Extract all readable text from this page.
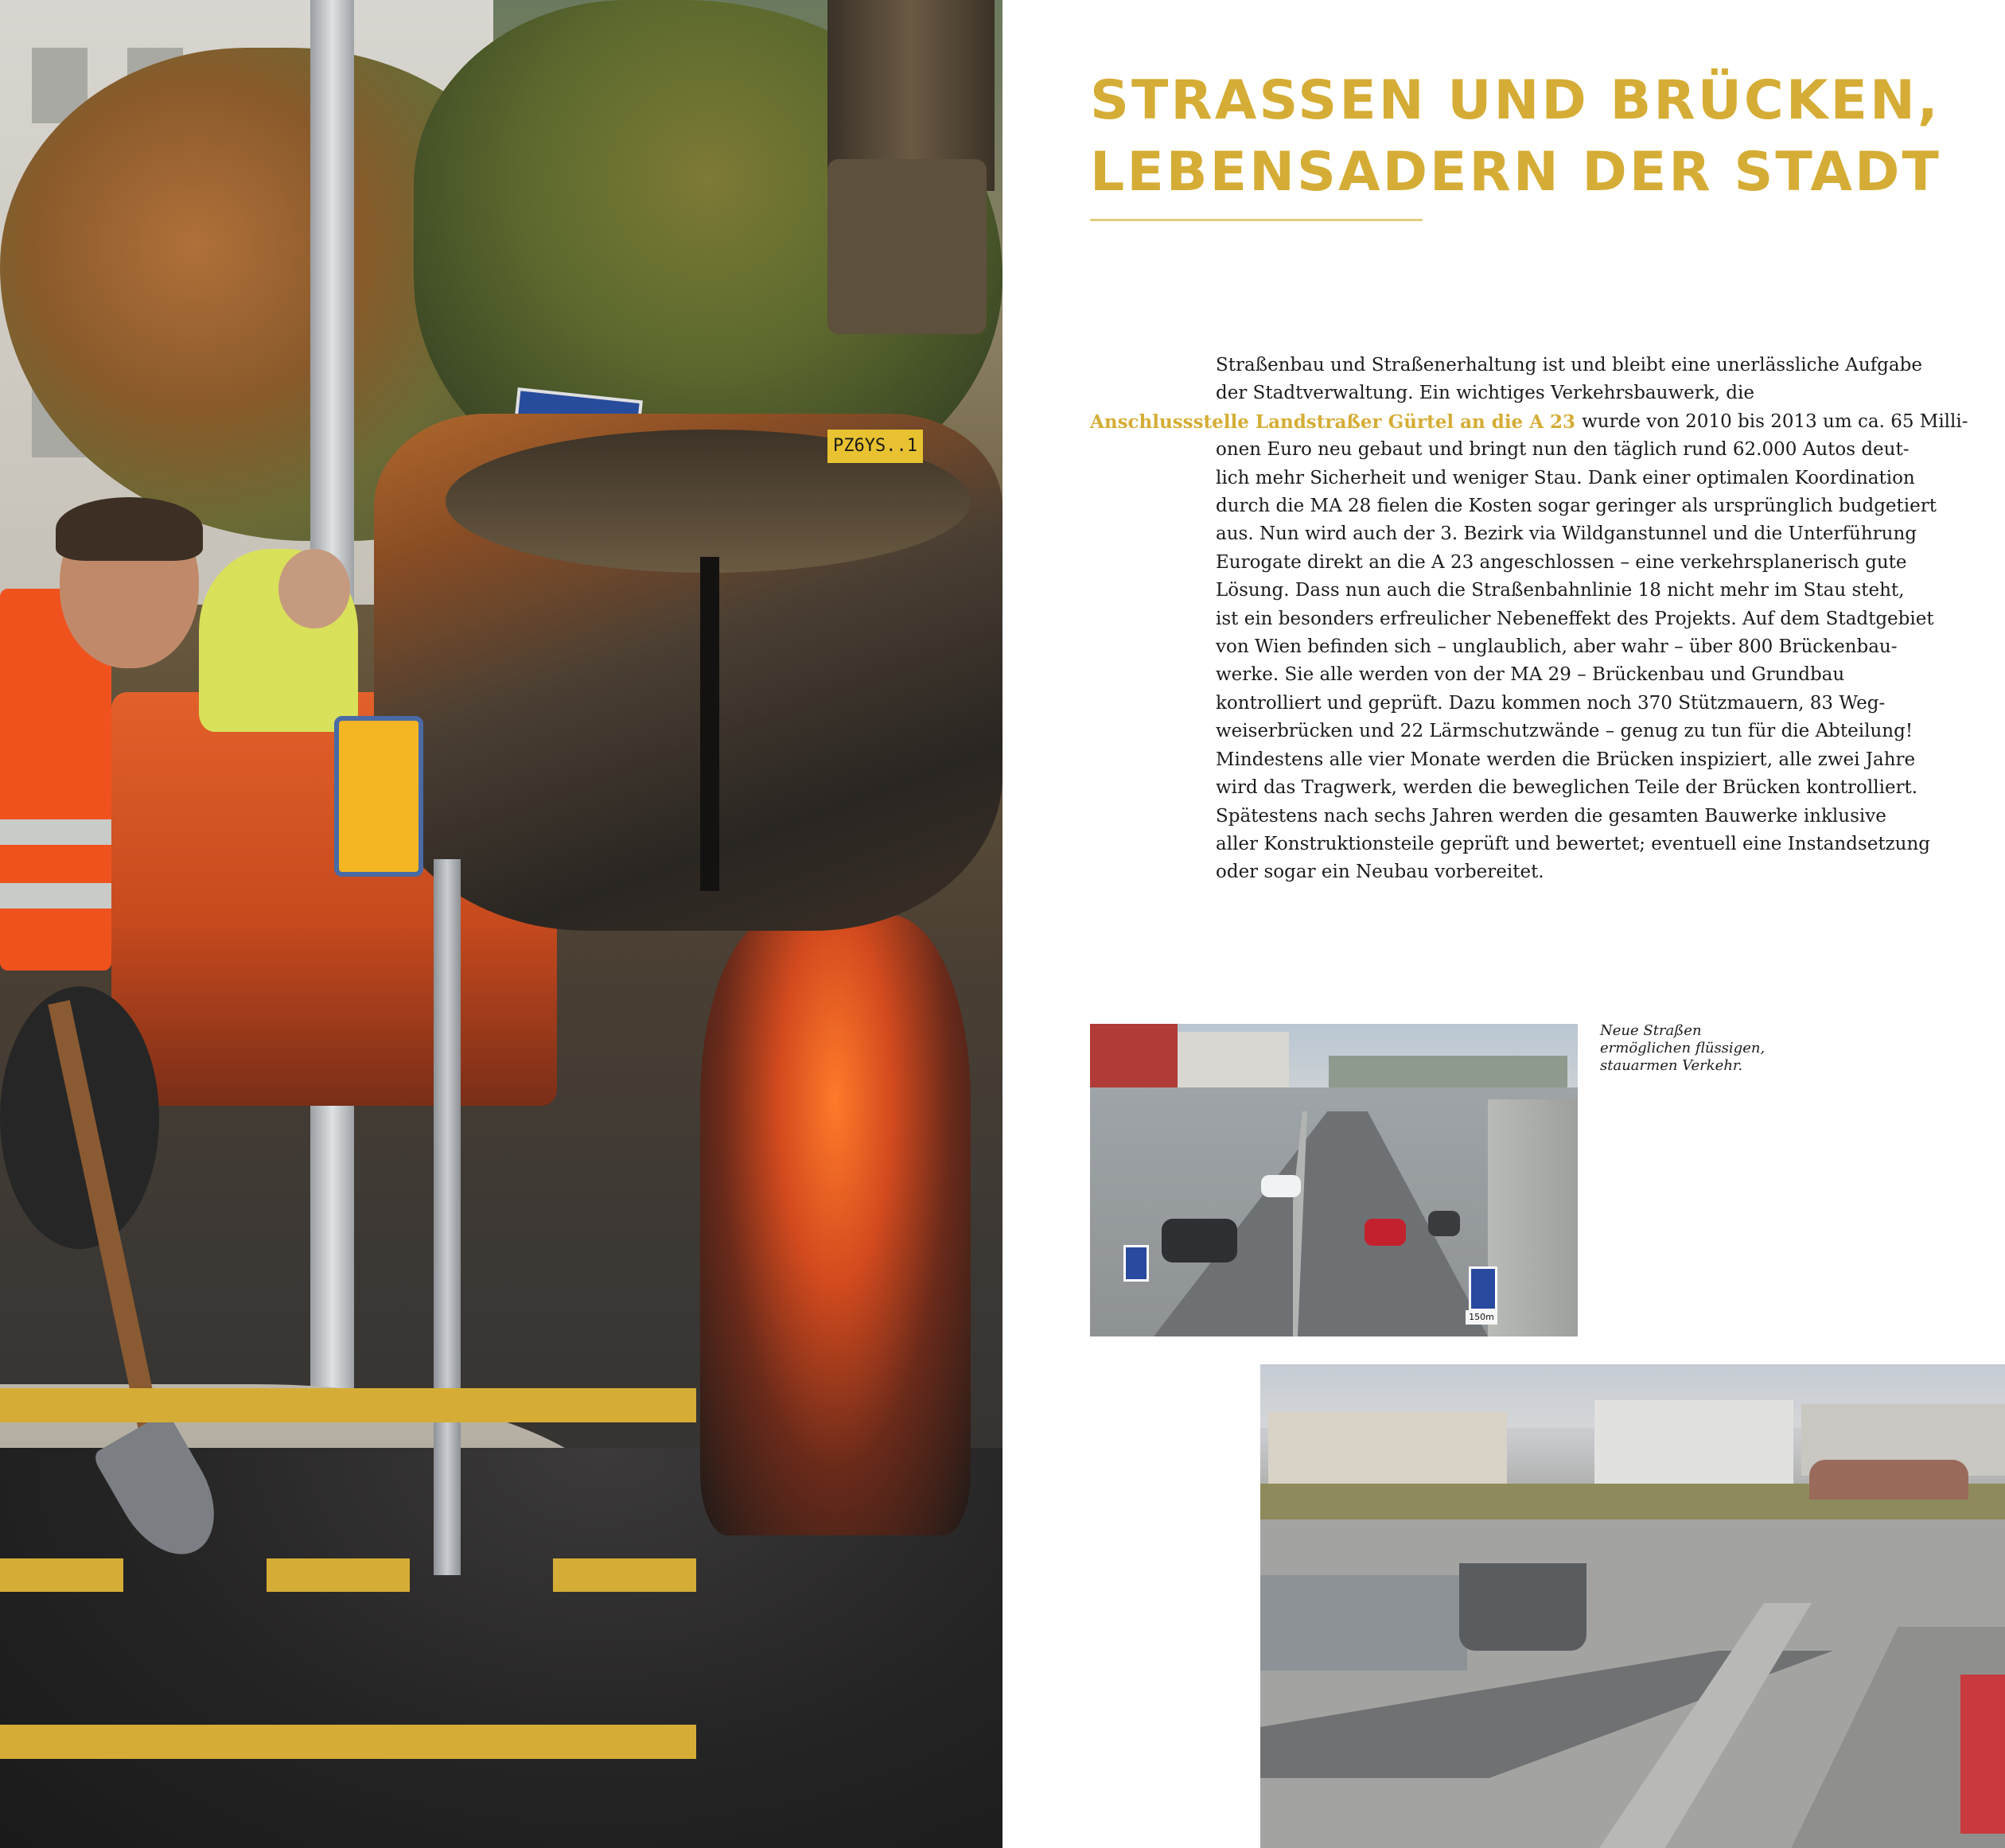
PZ6YS..1
STRASSEN UND BRÜCKEN,
LEBENSADERN DER STADT

Straßenbau und Straßenerhaltung ist und bleibt eine unerlässliche Aufgabe
der Stadtverwaltung. Ein wichtiges Verkehrsbauwerk, die
wurde von 2010 bis 2013 um ca. 65 Milli-
onen Euro neu gebaut und bringt nun den täglich rund 62.000 Autos deut-
lich mehr Sicherheit und weniger Stau. Dank einer optimalen Koordination
durch die MA 28 fielen die Kosten sogar geringer als ursprünglich budgetiert
aus. Nun wird auch der 3. Bezirk via Wildganstunnel und die Unterführung
Eurogate direkt an die A 23 angeschlossen – eine verkehrsplanerisch gute
Lösung. Dass nun auch die Straßenbahnlinie 18 nicht mehr im Stau steht,
ist ein besonders erfreulicher Nebeneffekt des Projekts. Auf dem Stadtgebiet
von Wien befinden sich – unglaublich, aber wahr – über 800 Brückenbau-
werke. Sie alle werden von der MA 29 – Brückenbau und Grundbau
kontrolliert und geprüft. Dazu kommen noch 370 Stützmauern, 83 Weg-
weiserbrücken und 22 Lärmschutzwände – genug zu tun für die Abteilung!
Mindestens alle vier Monate werden die Brücken inspiziert, alle zwei Jahre
wird das Tragwerk, werden die beweglichen Teile der Brücken kontrolliert.
Spätestens nach sechs Jahren werden die gesamten Bauwerke inklusive
aller Konstruktionsteile geprüft und bewertet; eventuell eine Instandsetzung
oder sogar ein Neubau vorbereitet.

Anschlussstelle Landstraßer Gürtel an die A 23
150m

Neue Straßen
ermöglichen flüssigen,
stauarmen Verkehr.
